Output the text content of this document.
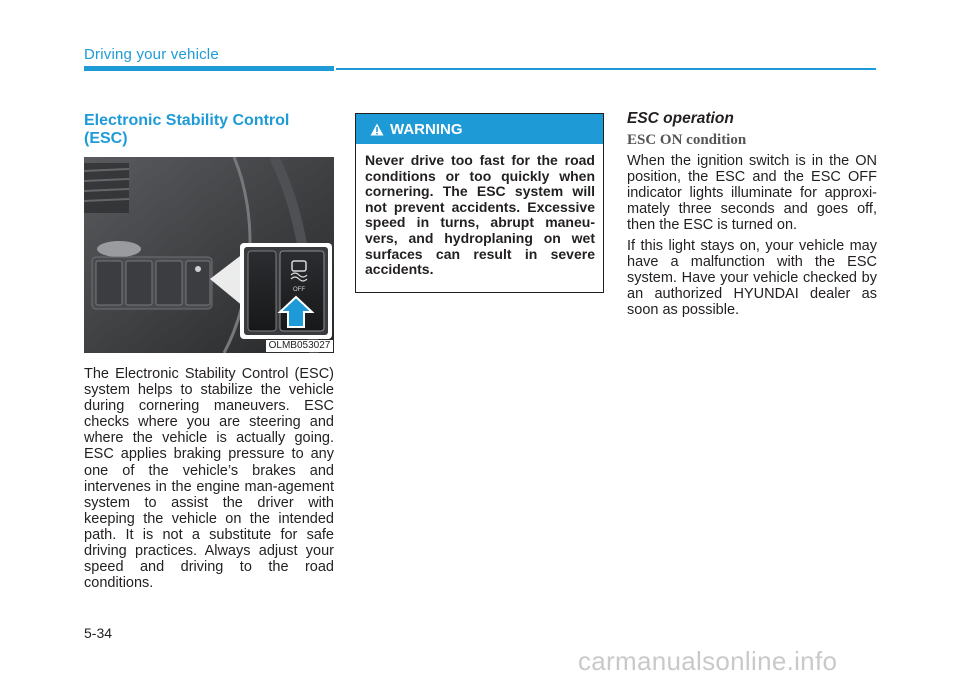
Driving your vehicle
Electronic Stability Control (ESC)
OFF
OLMB053027
The Electronic Stability Control (ESC) system helps to stabilize the vehicle during cornering maneuvers. ESC checks where you are steering and where the vehicle is actually going. ESC applies braking pressure to any one of the vehicle’s brakes and intervenes in the engine man-agement system to assist the driver with keeping the vehicle on the intended path. It is not a substitute for safe driving practices. Always adjust your speed and driving to the road conditions.
WARNING
Never drive too fast for the road conditions or too quickly when cornering. The ESC system will not prevent accidents. Excessive speed in turns, abrupt maneu-vers, and hydroplaning on wet surfaces can result in severe accidents.
ESC operation
ESC ON condition
When the ignition switch is in the ON position, the ESC and the ESC OFF indicator lights illuminate for approxi-mately three seconds and goes off, then the ESC is turned on.
If this light stays on, your vehicle may have a malfunction with the ESC system. Have your vehicle checked by an authorized HYUNDAI dealer as soon as possible.
5-34
carmanualsonline.info
